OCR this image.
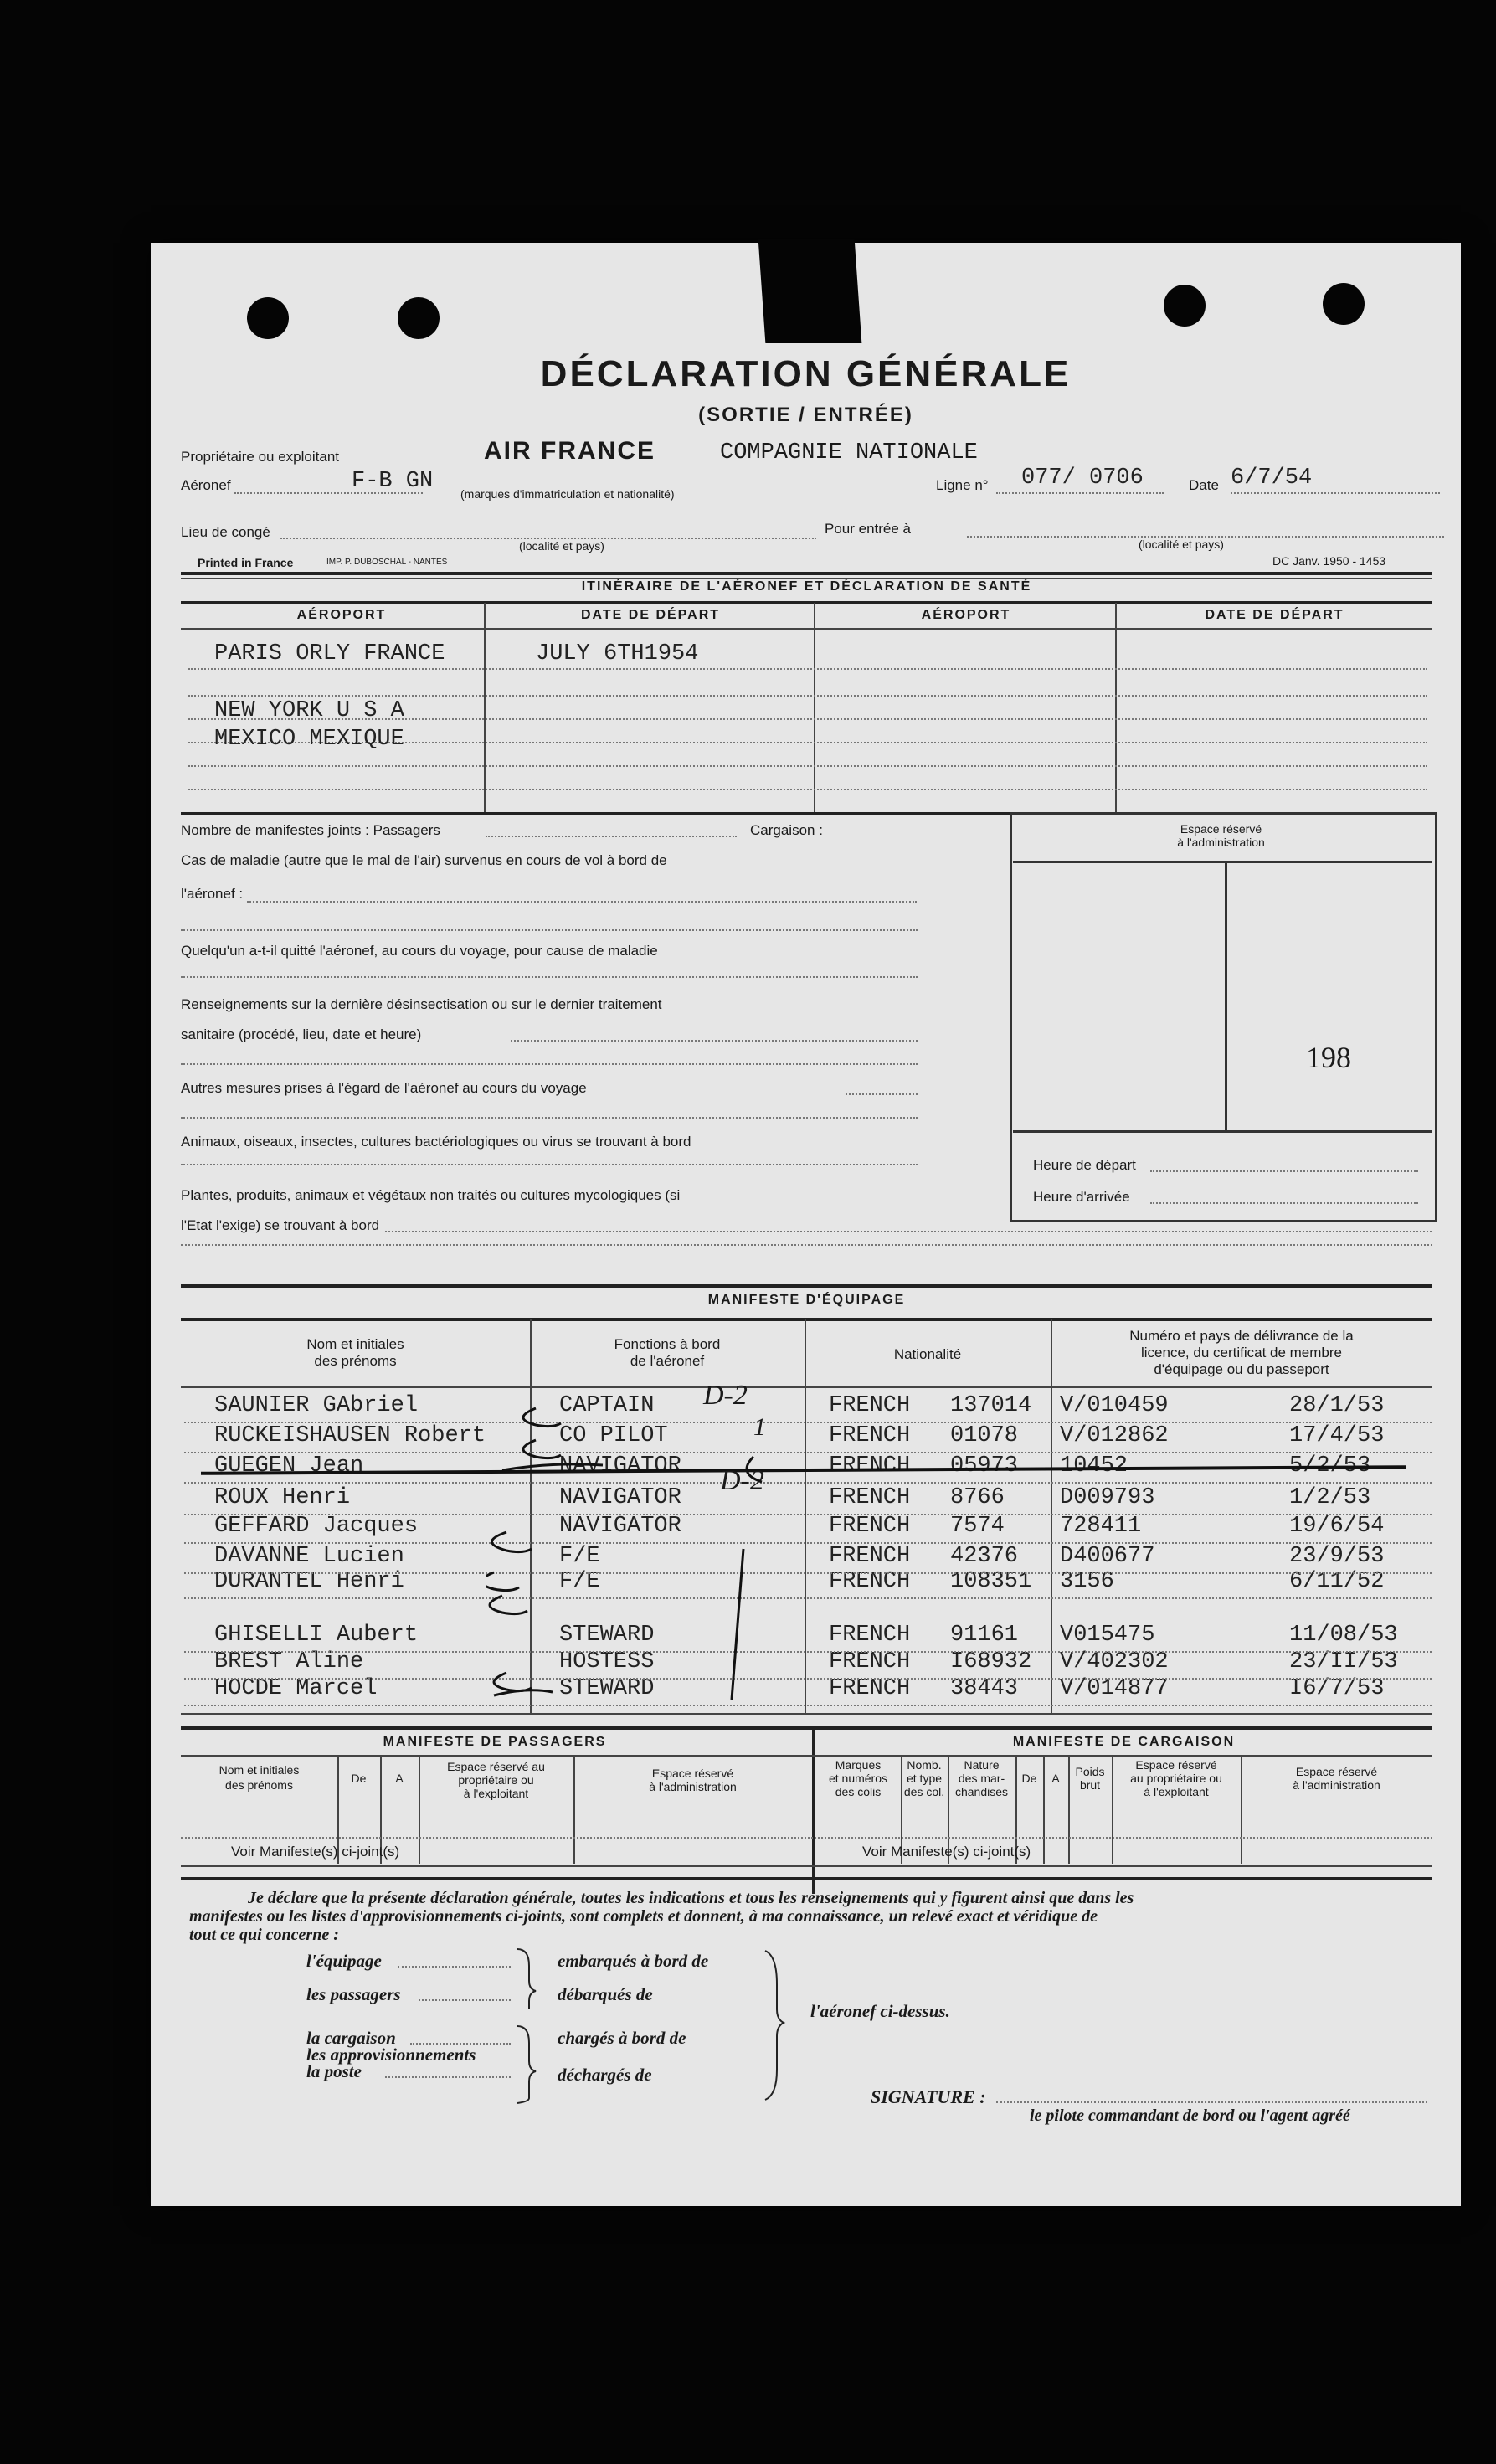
DÉCLARATION GÉNÉRALE
(SORTIE / ENTRÉE)
Propriétaire ou exploitant	AIR FRANCE	COMPAGNIE NATIONALE
Aéronef	F-B GN (marques d'immatriculation et nationalité)
Ligne n° 077/ 0706	Date 6/7/54
Lieu de congé
(localité et pays)
Pour entrée à
(localité et pays)
Printed in France	IMP. P. DUBOSCHAL - NANTES	DC Janv. 1950 - 1453
ITINÉRAIRE DE L'AÉRONEF ET DÉCLARATION DE SANTÉ
AÉROPORT	DATE DE DÉPART	AÉROPORT	DATE DE DÉPART
PARIS ORLY FRANCE	JULY 6TH1954
NEW YORK U S A
MEXICO MEXIQUE
Nombre de manifestes joints : Passagers	Cargaison :
Cas de maladie (autre que le mal de l'air) survenus en cours de vol à bord de
l'aéronef :
Quelqu'un a-t-il quitté l'aéronef, au cours du voyage, pour cause de maladie
Renseignements sur la dernière désinsectisation ou sur le dernier traitement
sanitaire (procédé, lieu, date et heure)
Autres mesures prises à l'égard de l'aéronef au cours du voyage
Animaux, oiseaux, insectes, cultures bactériologiques ou virus se trouvant à bord
Plantes, produits, animaux et végétaux non traités ou cultures mycologiques (si
l'Etat l'exige) se trouvant à bord
Espace réservé
à l'administration
198
Heure de départ
Heure d'arrivée
MANIFESTE D'ÉQUIPAGE
Nom et initiales
des prénoms
Fonctions à bord
de l'aéronef	Nationalité
Numéro et pays de délivrance de la
licence, du certificat de membre
d'équipage ou du passeport
SAUNIER GAbriel	CAPTAIN	FRENCH 137014 V/010459	28/1/53
RUCKEISHAUSEN Robert	CO PILOT	FRENCH 01078 V/012862	17/4/53
GUEGEN Jean	NAVIGATOR	FRENCH 05973 10452	5/2/53
ROUX Henri	NAVIGATOR	FRENCH 8766 D009793	1/2/53
GEFFARD Jacques	NAVIGATOR	FRENCH 7574 728411	19/6/54
DAVANNE Lucien	F/E	FRENCH 42376 D400677	23/9/53
DURANTEL Henri	F/E	FRENCH 108351 3156	6/11/52
GHISELLI Aubert	STEWARD	FRENCH 91161 V015475	11/08/53
BREST Aline	HOSTESS	FRENCH I68932 V/402302	23/II/53
HOCDE Marcel	STEWARD	FRENCH 38443 V/014877	I6/7/53
D-2
1
D-2
MANIFESTE DE PASSAGERS	MANIFESTE DE CARGAISON
Nom et initiales
des prénoms	De	A
Espace réservé au
propriétaire ou
à l'exploitant
Espace réservé
à l'administration
Marques
et numéros
des colis
Nomb.
et type
des col.
Nature
des mar-
chandises
De	A	Poids
brut
Espace réservé
au propriétaire ou
à l'exploitant
Espace réservé
à l'administration
Voir Manifeste(s) ci-joint(s)	Voir Manifeste(s) ci-joint(s)
Je déclare que la présente déclaration générale, toutes les indications et tous les renseignements qui y figurent ainsi que dans les
manifestes ou les listes d'approvisionnements ci-joints, sont complets et donnent, à ma connaissance, un relevé exact et véridique de
tout ce qui concerne :
l'équipage
les passagers
la cargaison
les approvisionnements
la poste
embarqués à bord de
débarqués de
chargés à bord de
déchargés de
l'aéronef ci-dessus.
SIGNATURE :
le pilote commandant de bord ou l'agent agréé
